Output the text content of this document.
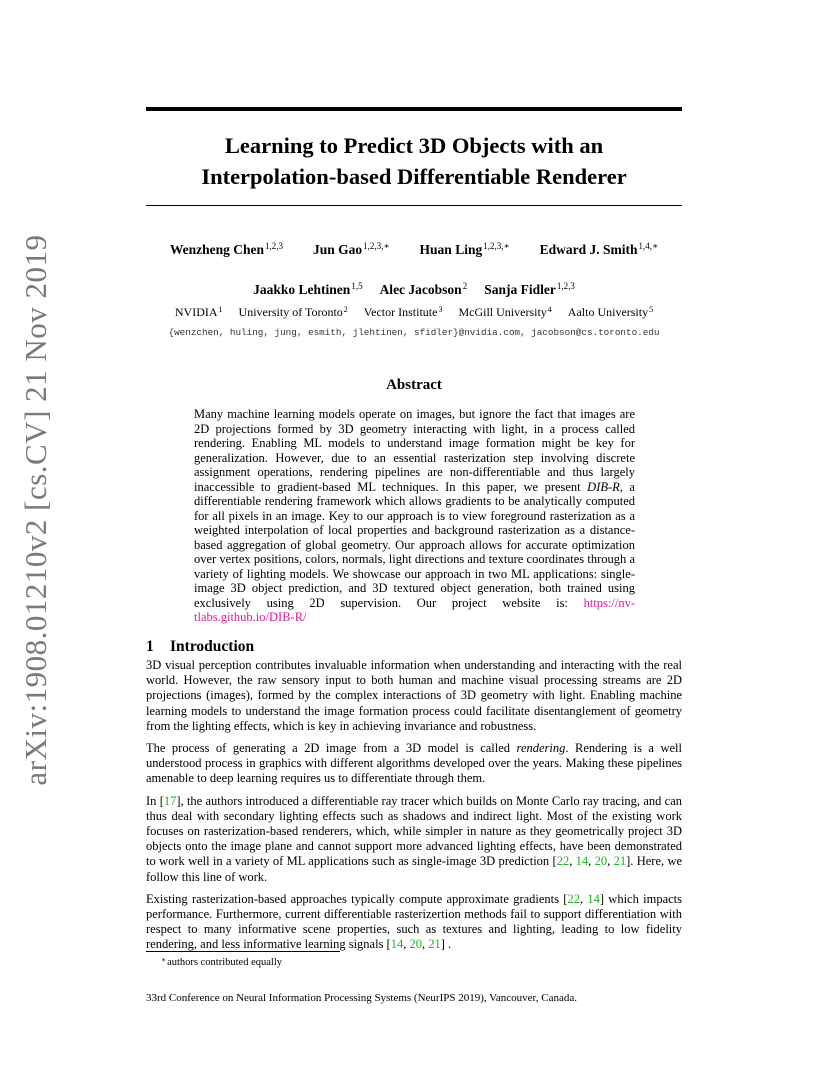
arXiv:1908.01210v2 [cs.CV] 21 Nov 2019
Learning to Predict 3D Objects with an
Interpolation-based Differentiable Renderer
Wenzheng Chen$^{1,2,3}$ Jun Gao$^{1,2,3,∗}$ Huan Ling$^{1,2,3,∗}$ Edward J. Smith$^{1,4,∗}$
Jaakko Lehtinen$^{1,5}$ Alec Jacobson$^2$ Sanja Fidler$^{1,2,3}$
NVIDIA$^1$ University of Toronto$^2$ Vector Institute$^3$ McGill University$^4$ Aalto University$^5$
{wenzchen, huling, jung, esmith, jlehtinen, sfidler}@nvidia.com, jacobson@cs.toronto.edu
Abstract
Many machine learning models operate on images, but ignore the fact that images are 2D projections formed by 3D geometry interacting with light, in a process called rendering. Enabling ML models to understand image formation might be key for generalization. However, due to an essential rasterization step involving discrete assignment operations, rendering pipelines are non-differentiable and thus largely inaccessible to gradient-based ML techniques. In this paper, we present DIB-R, a differentiable rendering framework which allows gradients to be analytically computed for all pixels in an image. Key to our approach is to view foreground rasterization as a weighted interpolation of local properties and background rasterization as a distance-based aggregation of global geometry. Our approach allows for accurate optimization over vertex positions, colors, normals, light directions and texture coordinates through a variety of lighting models. We showcase our approach in two ML applications: single-image 3D object prediction, and 3D textured object generation, both trained using exclusively using 2D supervision. Our project website is: https://nv-tlabs.github.io/DIB-R/
1 Introduction

3D visual perception contributes invaluable information when understanding and interacting with the real world. However, the raw sensory input to both human and machine visual processing streams are 2D projections (images), formed by the complex interactions of 3D geometry with light. Enabling machine learning models to understand the image formation process could facilitate disentanglement of geometry from the lighting effects, which is key in achieving invariance and robustness.

The process of generating a 2D image from a 3D model is called rendering. Rendering is a well understood process in graphics with different algorithms developed over the years. Making these pipelines amenable to deep learning requires us to differentiate through them.

In [17], the authors introduced a differentiable ray tracer which builds on Monte Carlo ray tracing, and can thus deal with secondary lighting effects such as shadows and indirect light. Most of the existing work focuses on rasterization-based renderers, which, while simpler in nature as they geometrically project 3D objects onto the image plane and cannot support more advanced lighting effects, have been demonstrated to work well in a variety of ML applications such as single-image 3D prediction [22, 14, 20, 21]. Here, we follow this line of work.

Existing rasterization-based approaches typically compute approximate gradients [22, 14] which impacts performance. Furthermore, current differentiable rasterizertion methods fail to support differentiation with respect to many informative scene properties, such as textures and lighting, leading to low fidelity rendering, and less informative learning signals [14, 20, 21] .

∗authors contributed equally
33rd Conference on Neural Information Processing Systems (NeurIPS 2019), Vancouver, Canada.
